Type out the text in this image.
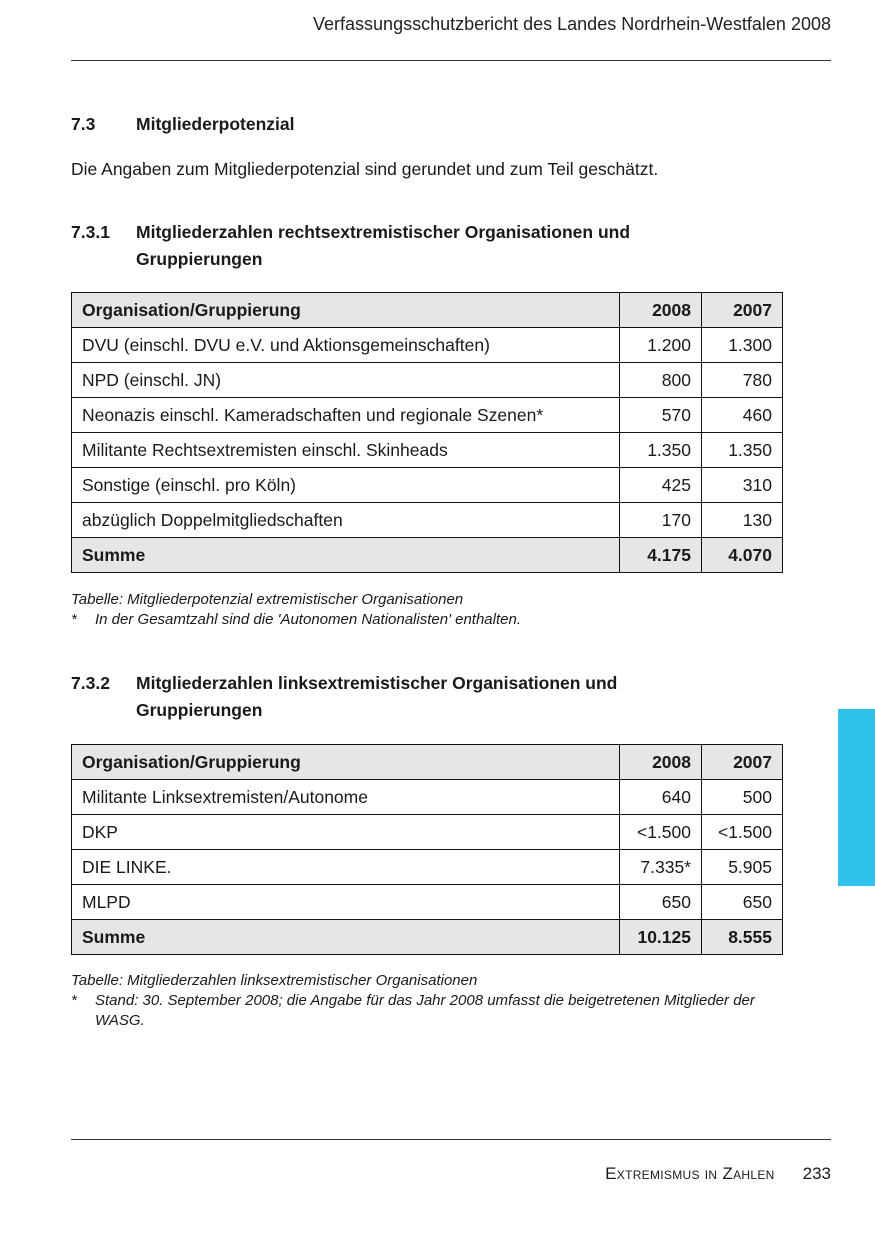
Verfassungsschutzbericht des Landes Nordrhein-Westfalen 2008
7.3	Mitgliederpotenzial
Die Angaben zum Mitgliederpotenzial sind gerundet und zum Teil geschätzt.
7.3.1	Mitgliederzahlen rechtsextremistischer Organisationen und Gruppierungen
Organisation/Gruppierung	2008	2007
DVU (einschl. DVU e.V. und Aktionsgemeinschaften)	1.200	1.300
NPD (einschl. JN)	800	780
Neonazis einschl. Kameradschaften und regionale Szenen*	570	460
Militante Rechtsextremisten einschl. Skinheads	1.350	1.350
Sonstige (einschl. pro Köln)	425	310
abzüglich Doppelmitgliedschaften	170	130
Summe	4.175	4.070
Tabelle: Mitgliederpotenzial extremistischer Organisationen
*	In der Gesamtzahl sind die 'Autonomen Nationalisten' enthalten.
7.3.2	Mitgliederzahlen linksextremistischer Organisationen und Gruppierungen
Organisation/Gruppierung	2008	2007
Militante Linksextremisten/Autonome	640	500
DKP	<1.500	<1.500
DIE LINKE.	7.335*	5.905
MLPD	650	650
Summe	10.125	8.555
Tabelle: Mitgliederzahlen linksextremistischer Organisationen
*	Stand: 30. September 2008; die Angabe für das Jahr 2008 umfasst die beigetretenen Mitglieder der WASG.
Extremismus in Zahlen 233
